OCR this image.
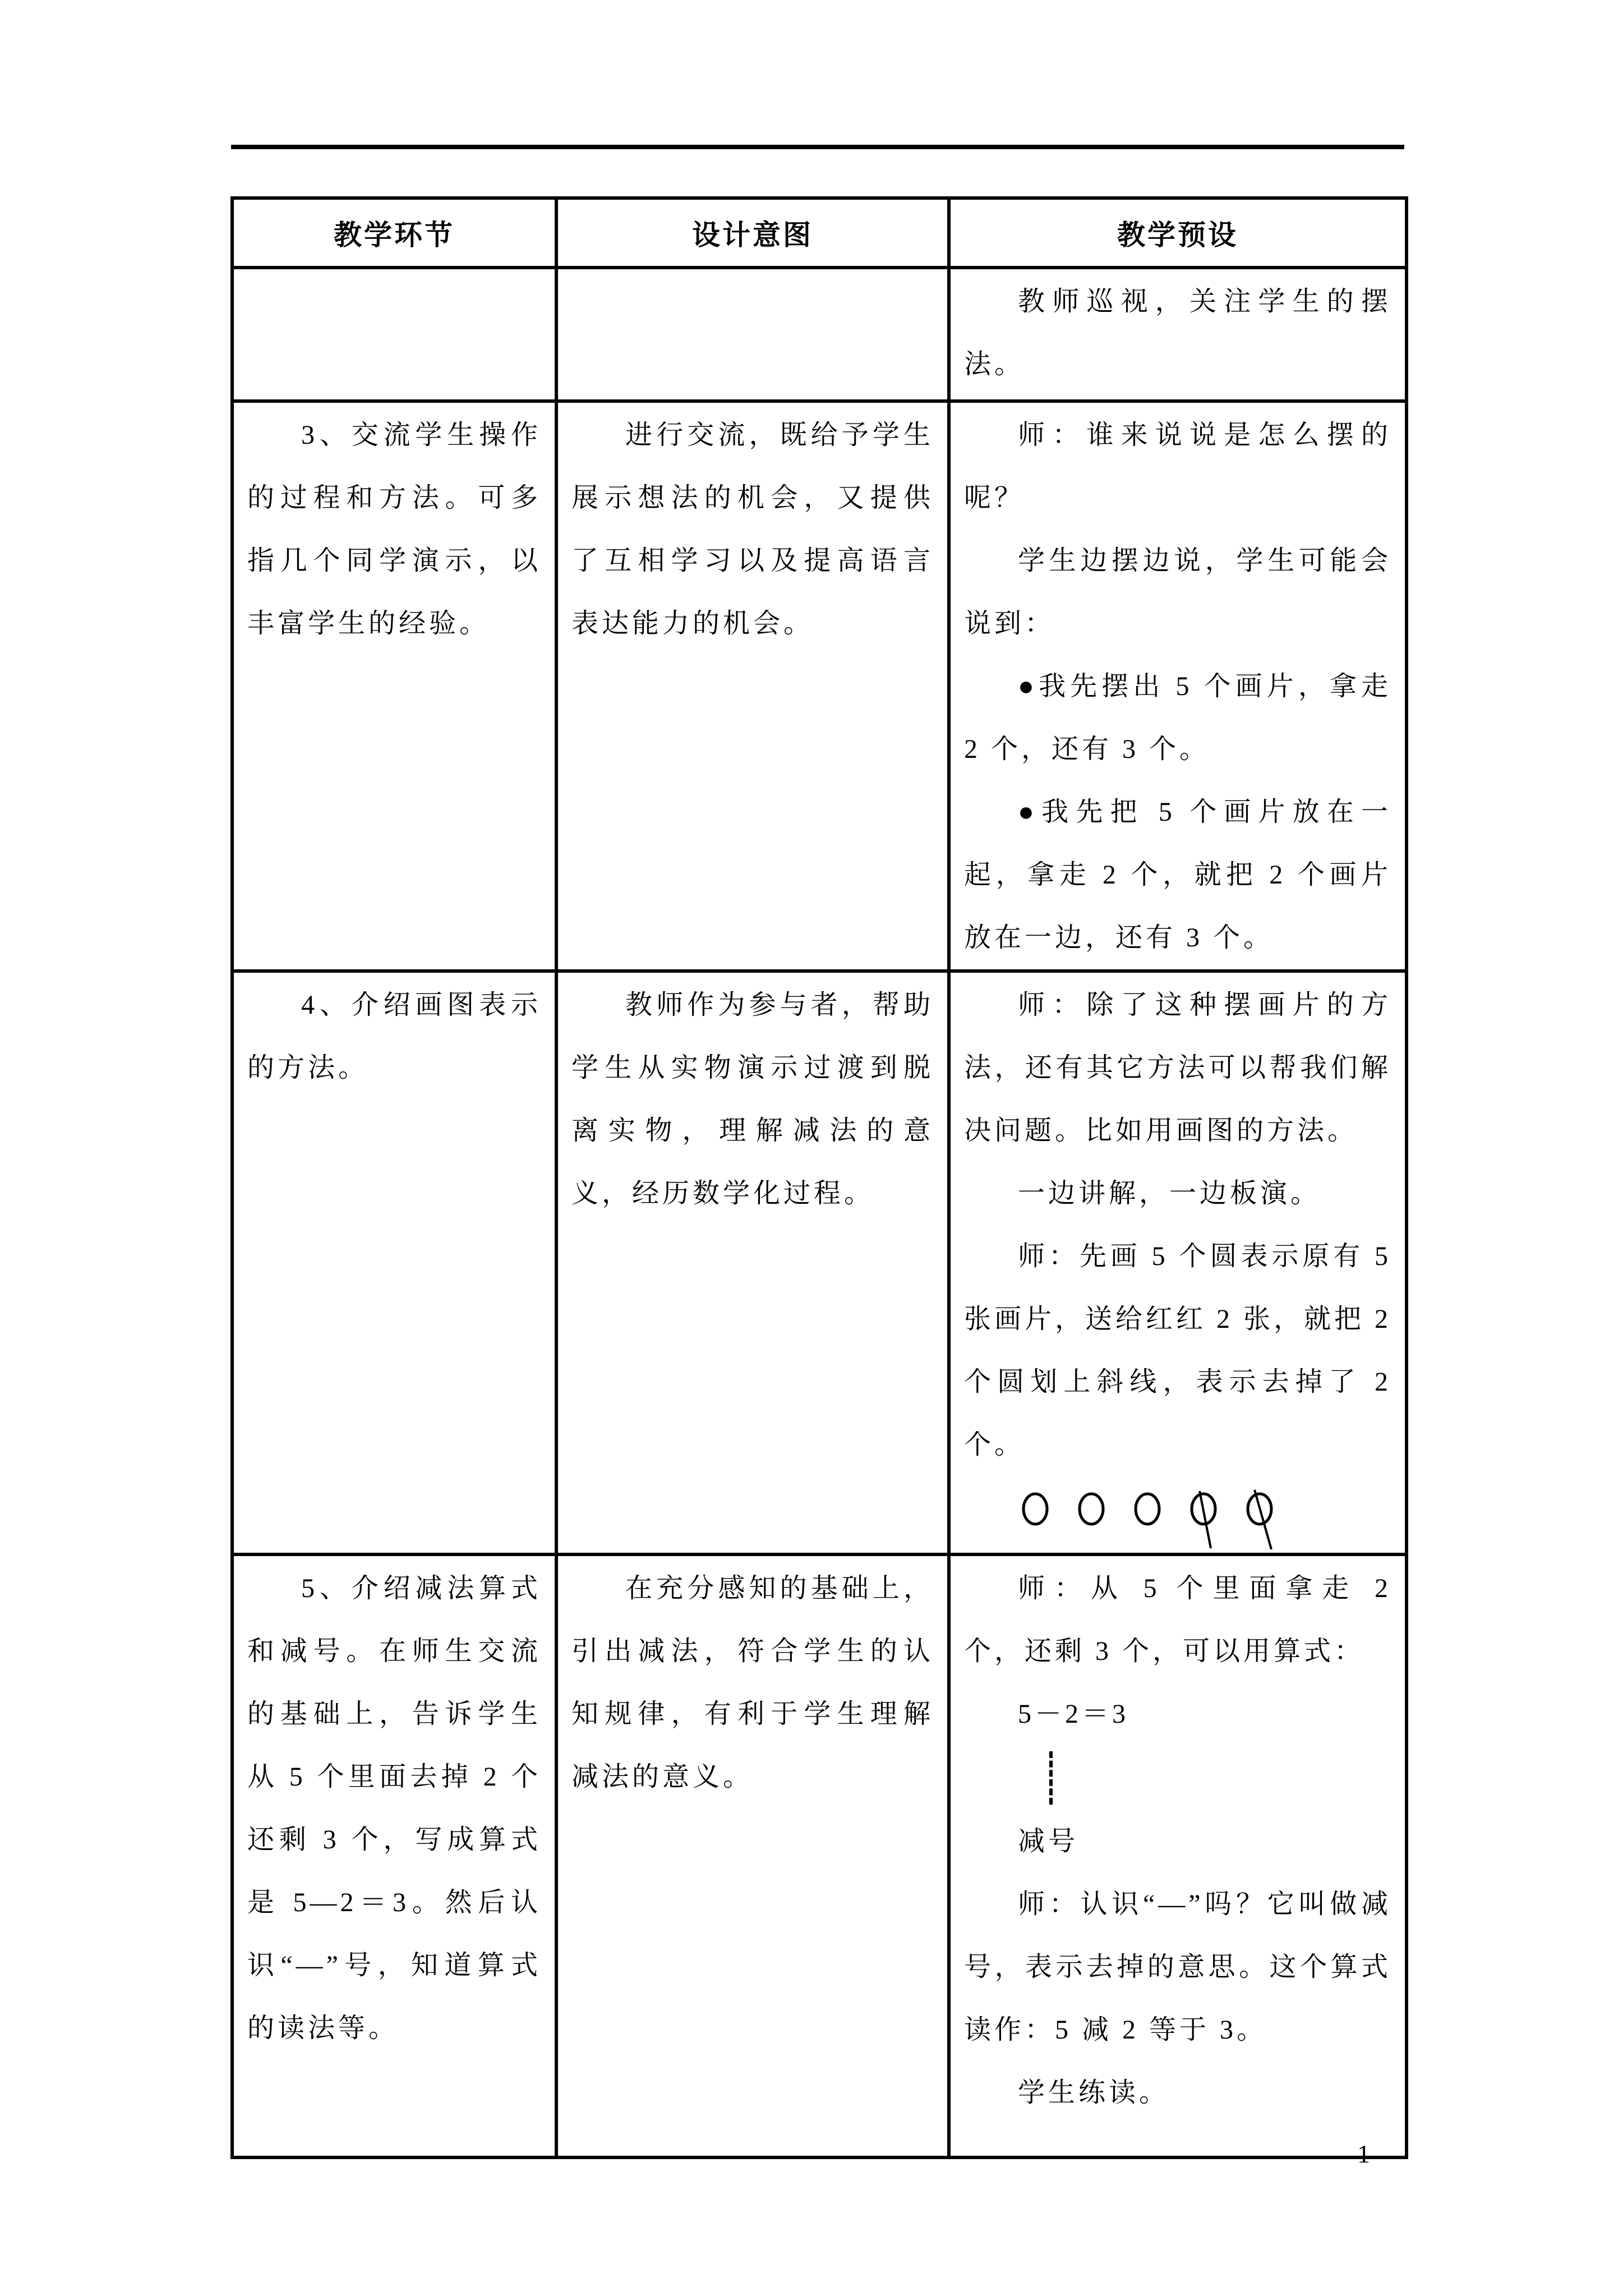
教学环节	设计意图	教学预设

		教师巡视，关注学生的摆法。

3、交流学生操作的过程和方法。可多指几个同学演示，以丰富学生的经验。	进行交流，既给予学生展示想法的机会，又提供了互相学习以及提高语言表达能力的机会。	师：谁来说说是怎么摆的呢？

学生边摆边说，学生可能会说到：

●我先摆出 5 个画片，拿走 2 个，还有 3 个。

●我先把 5 个画片放在一起，拿走 2 个，就把 2 个画片放在一边，还有 3 个。

4、介绍画图表示的方法。	教师作为参与者，帮助学生从实物演示过渡到脱离实物，理解减法的意义，经历数学化过程。	师：除了这种摆画片的方法，还有其它方法可以帮我们解决问题。比如用画图的方法。

一边讲解，一边板演。

师：先画 5 个圆表示原有 5 张画片，送给红红 2 张，就把 2 个圆划上斜线，表示去掉了 2 个。

5、介绍减法算式和减号。在师生交流的基础上，告诉学生从 5 个里面去掉 2 个还剩 3 个，写成算式是 5—2＝3。然后认识“—”号，知道算式的读法等。	在充分感知的基础上，引出减法，符合学生的认知规律，有利于学生理解减法的意义。	师：从 5 个里面拿走 2 个，还剩 3 个，可以用算式：

5－2＝3

减号

师：认识“—”吗？它叫做减号，表示去掉的意思。这个算式读作：5 减 2 等于 3。

学生练读。

1
